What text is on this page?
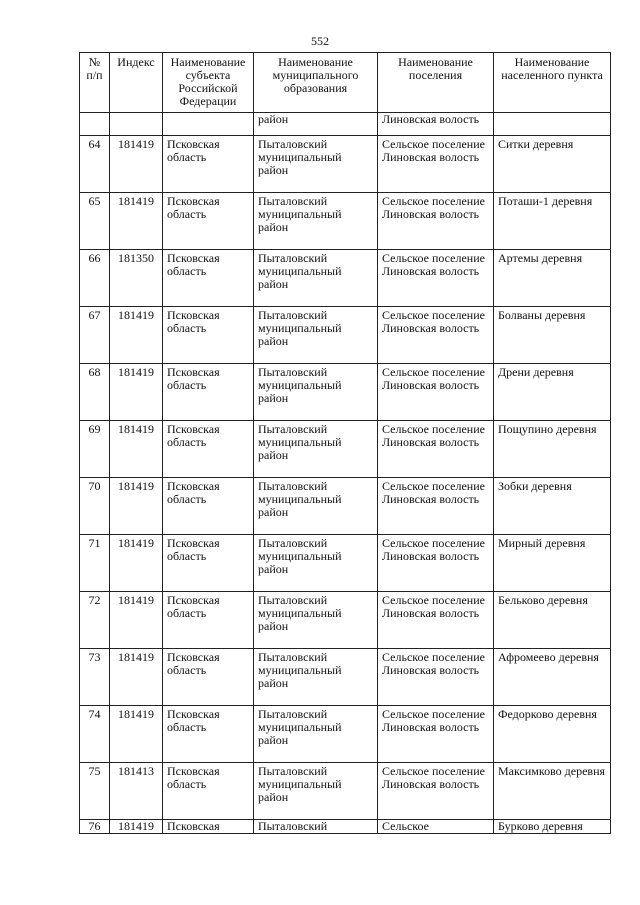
552
№ п/п	Индекс	Наименование субъекта Российской Федерации	Наименование муниципального образования	Наименование поселения	Наименование населенного пункта
			район	Линовская волость	
64	181419	Псковская область	Пыталовский муниципальный район	Сельское поселение Линовская волость	Ситки деревня
65	181419	Псковская область	Пыталовский муниципальный район	Сельское поселение Линовская волость	Поташи-1 деревня
66	181350	Псковская область	Пыталовский муниципальный район	Сельское поселение Линовская волость	Артемы деревня
67	181419	Псковская область	Пыталовский муниципальный район	Сельское поселение Линовская волость	Болваны деревня
68	181419	Псковская область	Пыталовский муниципальный район	Сельское поселение Линовская волость	Дрени деревня
69	181419	Псковская область	Пыталовский муниципальный район	Сельское поселение Линовская волость	Пощупино деревня
70	181419	Псковская область	Пыталовский муниципальный район	Сельское поселение Линовская волость	Зобки деревня
71	181419	Псковская область	Пыталовский муниципальный район	Сельское поселение Линовская волость	Мирный деревня
72	181419	Псковская область	Пыталовский муниципальный район	Сельское поселение Линовская волость	Бельково деревня
73	181419	Псковская область	Пыталовский муниципальный район	Сельское поселение Линовская волость	Афромеево деревня
74	181419	Псковская область	Пыталовский муниципальный район	Сельское поселение Линовская волость	Федорково деревня
75	181413	Псковская область	Пыталовский муниципальный район	Сельское поселение Линовская волость	Максимково деревня
76	181419	Псковская	Пыталовский	Сельское	Бурково деревня
